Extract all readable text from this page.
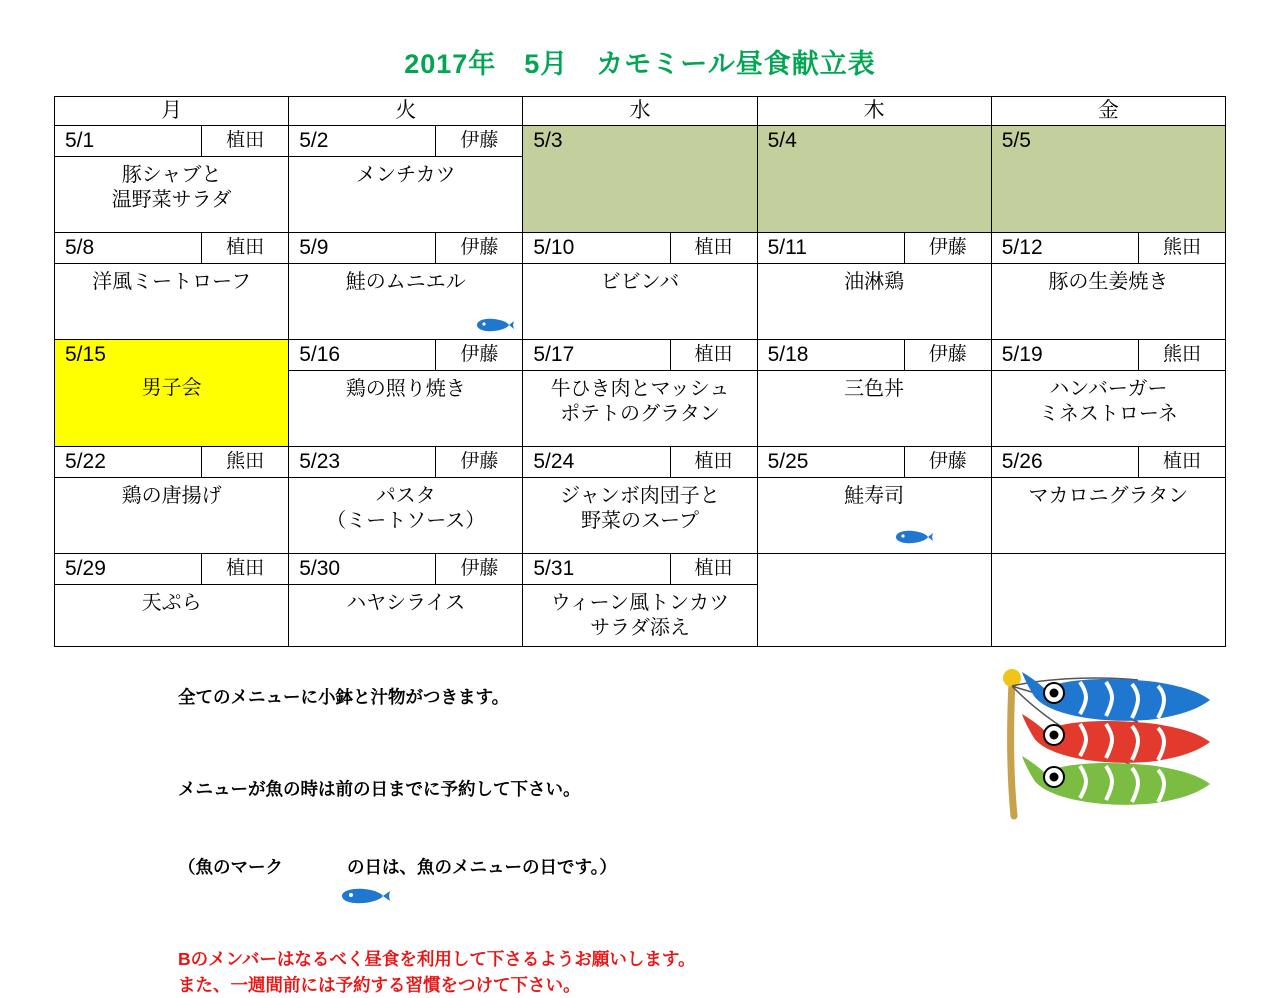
2017年　5月　カモミール昼食献立表
月	火	水	木	金

5/1	植田
豚シャブと
温野菜サラダ

5/2	伊藤
メンチカツ

5/3	5/4	5/5

5/8	植田
洋風ミートローフ

5/9	伊藤
鮭のムニエル

5/10	植田
ビビンバ

5/11	伊藤
油淋鶏

5/12	熊田
豚の生姜焼き

5/15
男子会

5/16	伊藤
鶏の照り焼き

5/17	植田
牛ひき肉とマッシュ
ポテトのグラタン

5/18	伊藤
三色丼

5/19	熊田
ハンバーガー
ミネストローネ

5/22	熊田
鶏の唐揚げ

5/23	伊藤
パスタ
（ミートソース）

5/24	植田
ジャンボ肉団子と
野菜のスープ

5/25	伊藤
鮭寿司

5/26	植田
マカロニグラタン

5/29	植田
天ぷら

5/30	伊藤
ハヤシライス

5/31	植田
ウィーン風トンカツ
サラダ添え

全てのメニューに小鉢と汁物がつきます。

メニューが魚の時は前の日までに予約して下さい。

（魚のマーク

	の日は、魚のメニューの日です。）

Bのメンバーはなるべく昼食を利用して下さるようお願いします。
また、一週間前には予約する習慣をつけて下さい。
